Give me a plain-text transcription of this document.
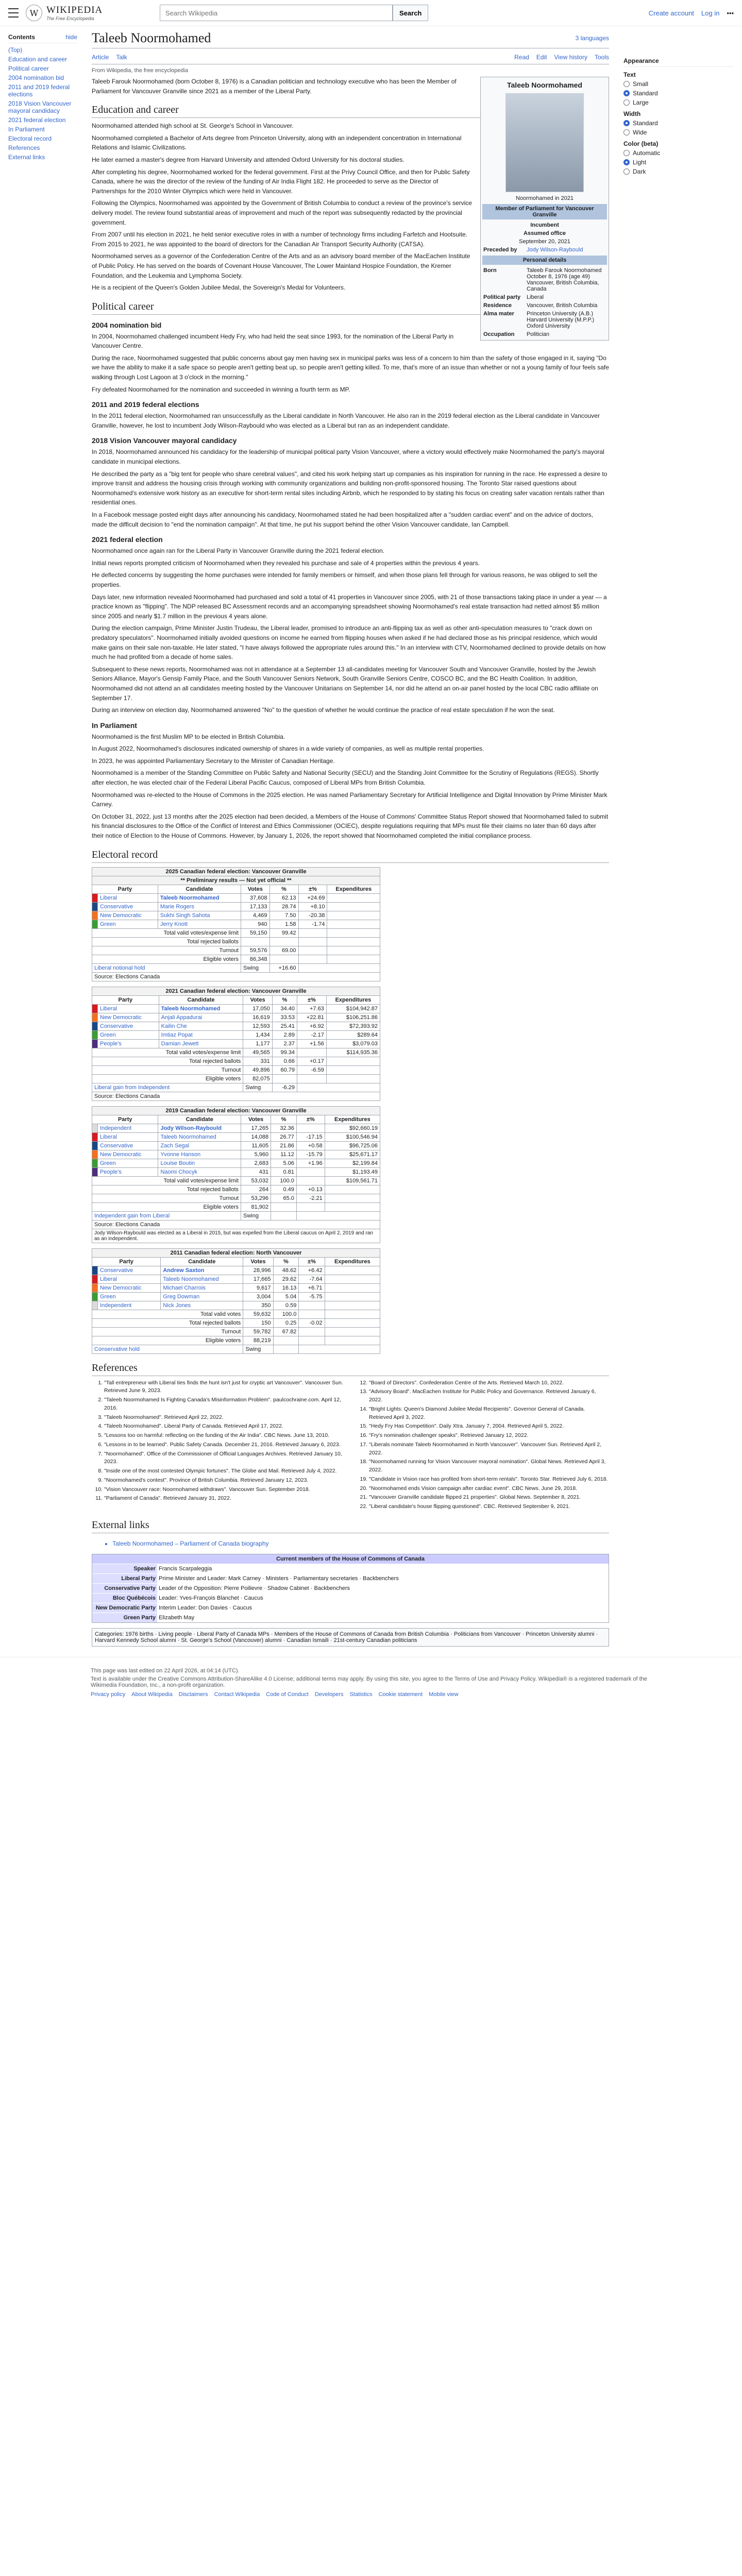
W WIKIPEDIA
The Free Encyclopedia
Search Wikipedia
Search	Create account Log in •••
Contents	hide
(Top)
Education and career
Political career
2004 nomination bid
2011 and 2019 federal elections
2018 Vision Vancouver mayoral candidacy
2021 federal election
In Parliament
Electoral record
References
External links
Taleeb Noormohamed	3 languages
Article Talk	Read Edit View history Tools
From Wikipedia, the free encyclopedia
Taleeb Noormohamed
Noormohamed in 2021
Member of Parliament for Vancouver Granville
Incumbent
Assumed office
September 20, 2021
Preceded by	Jody Wilson-Raybould
Personal details
Born	Taleeb Farouk Noormohamed October 8, 1976 (age 49) Vancouver, British Columbia, Canada
Political party	Liberal
Residence	Vancouver, British Columbia
Alma mater	Princeton University (A.B.) Harvard University (M.P.P.) Oxford University
Occupation	Politician

Taleeb Farouk Noormohamed (born October 8, 1976) is a Canadian politician and technology executive who has been the Member of Parliament for Vancouver Granville since 2021 as a member of the Liberal Party.

Education and career

Noormohamed attended high school at St. George's School in Vancouver.

Noormohamed completed a Bachelor of Arts degree from Princeton University, along with an independent concentration in International Relations and Islamic Civilizations.

He later earned a master's degree from Harvard University and attended Oxford University for his doctoral studies.

After completing his degree, Noormohamed worked for the federal government. First at the Privy Council Office, and then for Public Safety Canada, where he was the director of the review of the funding of Air India Flight 182. He proceeded to serve as the Director of Partnerships for the 2010 Winter Olympics which were held in Vancouver.

Following the Olympics, Noormohamed was appointed by the Government of British Columbia to conduct a review of the province's service delivery model. The review found substantial areas of improvement and much of the report was subsequently redacted by the provincial government.

From 2007 until his election in 2021, he held senior executive roles in with a number of technology firms including Farfetch and Hootsuite. From 2015 to 2021, he was appointed to the board of directors for the Canadian Air Transport Security Authority (CATSA).

Noormohamed serves as a governor of the Confederation Centre of the Arts and as an advisory board member of the MacEachen Institute of Public Policy. He has served on the boards of Covenant House Vancouver, The Lower Mainland Hospice Foundation, the Kremer Foundation, and the Leukemia and Lymphoma Society.

He is a recipient of the Queen's Golden Jubilee Medal, the Sovereign's Medal for Volunteers.

Political career
2004 nomination bid

In 2004, Noormohamed challenged incumbent Hedy Fry, who had held the seat since 1993, for the nomination of the Liberal Party in Vancouver Centre.

During the race, Noormohamed suggested that public concerns about gay men having sex in municipal parks was less of a concern to him than the safety of those engaged in it, saying "Do we have the ability to make it a safe space so people aren't getting beat up, so people aren't getting killed. To me, that's more of an issue than whether or not a young family of four feels safe walking through Lost Lagoon at 3 o'clock in the morning."

Fry defeated Noormohamed for the nomination and succeeded in winning a fourth term as MP.

2011 and 2019 federal elections

In the 2011 federal election, Noormohamed ran unsuccessfully as the Liberal candidate in North Vancouver. He also ran in the 2019 federal election as the Liberal candidate in Vancouver Granville, however, he lost to incumbent Jody Wilson-Raybould who was elected as a Liberal but ran as an independent candidate.

2018 Vision Vancouver mayoral candidacy

In 2018, Noormohamed announced his candidacy for the leadership of municipal political party Vision Vancouver, where a victory would effectively make Noormohamed the party's mayoral candidate in municipal elections.

He described the party as a "big tent for people who share cerebral values", and cited his work helping start up companies as his inspiration for running in the race. He expressed a desire to improve transit and address the housing crisis through working with community organizations and building non-profit-sponsored housing. The Toronto Star raised questions about Noormohamed's extensive work history as an executive for short-term rental sites including Airbnb, which he responded to by stating his focus on creating safer vacation rentals rather than residential ones.

In a Facebook message posted eight days after announcing his candidacy, Noormohamed stated he had been hospitalized after a "sudden cardiac event" and on the advice of doctors, made the difficult decision to "end the nomination campaign". At that time, he put his support behind the other Vision Vancouver candidate, Ian Campbell.

2021 federal election

Noormohamed once again ran for the Liberal Party in Vancouver Granville during the 2021 federal election.

Initial news reports prompted criticism of Noormohamed when they revealed his purchase and sale of 4 properties within the previous 4 years.

He deflected concerns by suggesting the home purchases were intended for family members or himself, and when those plans fell through for various reasons, he was obliged to sell the properties.

Days later, new information revealed Noormohamed had purchased and sold a total of 41 properties in Vancouver since 2005, with 21 of those transactions taking place in under a year — a practice known as "flipping". The NDP released BC Assessment records and an accompanying spreadsheet showing Noormohamed's real estate transaction had netted almost $5 million since 2005 and nearly $1.7 million in the previous 4 years alone.

During the election campaign, Prime Minister Justin Trudeau, the Liberal leader, promised to introduce an anti-flipping tax as well as other anti-speculation measures to "crack down on predatory speculators". Noormohamed initially avoided questions on income he earned from flipping houses when asked if he had declared those as his principal residence, which would make gains on their sale non-taxable. He later stated, "I have always followed the appropriate rules around this." In an interview with CTV, Noormohamed declined to provide details on how much he had profited from a decade of home sales.

Subsequent to these news reports, Noormohamed was not in attendance at a September 13 all-candidates meeting for Vancouver South and Vancouver Granville, hosted by the Jewish Seniors Alliance, Mayor's Gensip Family Place, and the South Vancouver Seniors Network, South Granville Seniors Centre, COSCO BC, and the BC Health Coalition. In addition, Noormohamed did not attend an all candidates meeting hosted by the Vancouver Unitarians on September 14, nor did he attend an on-air panel hosted by the local CBC radio affiliate on September 17.

During an interview on election day, Noormohamed answered "No" to the question of whether he would continue the practice of real estate speculation if he won the seat.

In Parliament

Noormohamed is the first Muslim MP to be elected in British Columbia.

In August 2022, Noormohamed's disclosures indicated ownership of shares in a wide variety of companies, as well as multiple rental properties.

In 2023, he was appointed Parliamentary Secretary to the Minister of Canadian Heritage.

Noormohamed is a member of the Standing Committee on Public Safety and National Security (SECU) and the Standing Joint Committee for the Scrutiny of Regulations (REGS). Shortly after election, he was elected chair of the Federal Liberal Pacific Caucus, composed of Liberal MPs from British Columbia.

Noormohamed was re-elected to the House of Commons in the 2025 election. He was named Parliamentary Secretary for Artificial Intelligence and Digital Innovation by Prime Minister Mark Carney.

On October 31, 2022, just 13 months after the 2025 election had been decided, a Members of the House of Commons' Committee Status Report showed that Noormohamed failed to submit his financial disclosures to the Office of the Conflict of Interest and Ethics Commissioner (OCIEC), despite regulations requiring that MPs must file their claims no later than 60 days after their notice of Election to the House of Commons. However, by January 1, 2026, the report showed that Noormohamed completed the initial compliance process.

Electoral record
2025 Canadian federal election: Vancouver Granville						
** Preliminary results — Not yet official **						
Party		Candidate	Votes	%	±%	Expenditures
	Liberal	Taleeb Noormohamed	37,608	62.13	+24.69	
	Conservative	Marie Rogers	17,133	28.74	+8.10	
	New Democratic	Sukhi Singh Sahota	4,469	7.50	-20.38	
	Green	Jerry Knott	940	1.58	-1.74	
Total valid votes/expense limit			59,150	99.42		
Total rejected ballots						
Turnout			59,576	69.00		
Eligible voters			86,348			
Liberal notional hold			Swing	+16.60		
Source: Elections Canada						
2021 Canadian federal election: Vancouver Granville						
Party		Candidate	Votes	%	±%	Expenditures
	Liberal	Taleeb Noormohamed	17,050	34.40	+7.63	$104,942.87
	New Democratic	Anjali Appadurai	16,619	33.53	+22.81	$106,251.86
	Conservative	Kailin Che	12,593	25.41	+6.92	$72,393.92
	Green	Imtiaz Popat	1,434	2.89	-2.17	$289.64
	People's	Damian Jewett	1,177	2.37	+1.56	$3,079.03
Total valid votes/expense limit			49,565	99.34		$114,935.36
Total rejected ballots			331	0.66	+0.17	
Turnout			49,896	60.79	-6.59	
Eligible voters			82,075			
Liberal gain from Independent			Swing	-6.29		
Source: Elections Canada						
2019 Canadian federal election: Vancouver Granville						
Party		Candidate	Votes	%	±%	Expenditures
	Independent	Jody Wilson-Raybould	17,265	32.36		$92,660.19
	Liberal	Taleeb Noormohamed	14,088	26.77	-17.15	$100,546.94
	Conservative	Zach Segal	11,605	21.86	+0.58	$96,725.06
	New Democratic	Yvonne Hanson	5,960	11.12	-15.79	$25,671.17
	Green	Louise Boutin	2,683	5.06	+1.96	$2,199.84
	People's	Naomi Chocyk	431	0.81		$1,193.49
Total valid votes/expense limit			53,032	100.0		$109,561.71
Total rejected ballots			264	0.49	+0.13	
Turnout			53,296	65.0	-2.21	
Eligible voters			81,902			
Independent gain from Liberal			Swing			
Source: Elections Canada						
Jody Wilson-Raybould was elected as a Liberal in 2015, but was expelled from the Liberal caucus on April 2, 2019 and ran as an independent.						
2011 Canadian federal election: North Vancouver						
Party		Candidate	Votes	%	±%	Expenditures
	Conservative	Andrew Saxton	28,996	48.62	+6.42	
	Liberal	Taleeb Noormohamed	17,665	29.62	-7.64	
	New Democratic	Michael Charrois	9,617	16.13	+6.71	
	Green	Greg Dowman	3,004	5.04	-5.75	
	Independent	Nick Jones	350	0.59		
Total valid votes			59,632	100.0		
Total rejected ballots			150	0.25	-0.02	
Turnout			59,782	67.82		
Eligible voters			88,219			
Conservative hold			Swing			
References
1. "Tall entrepreneur with Liberal ties finds the hunt isn't just for cryptic art Vancouver". Vancouver Sun. Retrieved June 9, 2023.
2. "Taleeb Noormohamed Is Fighting Canada's Misinformation Problem". paulcochraine.com. April 12, 2016.
3. "Taleeb Noormohamed". Retrieved April 22, 2022.
4. "Taleeb Noormohamed". Liberal Party of Canada. Retrieved April 17, 2022.
5. "Lessons too on harmful: reflecting on the funding of the Air India". CBC News. June 13, 2010.
6. "Lessons in to be learned". Public Safety Canada. December 21, 2016. Retrieved January 6, 2023.
7. "Noormohamed". Office of the Commissioner of Official Languages Archives. Retrieved January 10, 2023.
8. "Inside one of the most contested Olympic fortunes". The Globe and Mail. Retrieved July 4, 2022.
9. "Noormohamed's contest". Province of British Columbia. Retrieved January 12, 2023.
10. "Vision Vancouver race: Noormohamed withdraws". Vancouver Sun. September 2018.
11. "Parliament of Canada". Retrieved January 31, 2022.
12. "Board of Directors". Confederation Centre of the Arts. Retrieved March 10, 2022.
13. "Advisory Board". MacEachen Institute for Public Policy and Governance. Retrieved January 6, 2022.
14. "Bright Lights: Queen's Diamond Jubilee Medal Recipients". Governor General of Canada. Retrieved April 3, 2022.
15. "Hedy Fry Has Competition". Daily Xtra. January 7, 2004. Retrieved April 5, 2022.
16. "Fry's nomination challenger speaks". Retrieved January 12, 2022.
17. "Liberals nominate Taleeb Noormohamed in North Vancouver". Vancouver Sun. Retrieved April 2, 2022.
18. "Noormohamed running for Vision Vancouver mayoral nomination". Global News. Retrieved April 3, 2022.
19. "Candidate in Vision race has profited from short-term rentals". Toronto Star. Retrieved July 6, 2018.
20. "Noormohamed ends Vision campaign after cardiac event". CBC News. June 29, 2018.
21. "Vancouver Granville candidate flipped 21 properties". Global News. September 8, 2021.
22. "Liberal candidate's house flipping questioned". CBC. Retrieved September 9, 2021.
External links
• Taleeb Noormohamed – Parliament of Canada biography
Current members of the House of Commons of Canada
Speaker Francis Scarpaleggia
Liberal Party Prime Minister and Leader: Mark Carney · Ministers · Parliamentary secretaries · Backbenchers
Conservative Party Leader of the Opposition: Pierre Poilievre · Shadow Cabinet · Backbenchers
Bloc Québécois Leader: Yves-François Blanchet · Caucus
New Democratic Party Interim Leader: Don Davies · Caucus
Green Party Elizabeth May
Categories: 1976 births · Living people · Liberal Party of Canada MPs · Members of the House of Commons of Canada from British Columbia · Politicians from Vancouver · Princeton University alumni · Harvard Kennedy School alumni · St. George's School (Vancouver) alumni · Canadian Ismaili · 21st-century Canadian politicians
Appearance
Text
Small
Standard
Large
Width
Standard
Wide
Color (beta)
Automatic
Light
Dark
This page was last edited on 22 April 2026, at 04:14 (UTC).
Text is available under the Creative Commons Attribution-ShareAlike 4.0 License; additional terms may apply. By using this site, you agree to the Terms of Use and Privacy Policy. Wikipedia® is a registered trademark of the Wikimedia Foundation, Inc., a non-profit organization.
Privacy policy About Wikipedia Disclaimers Contact Wikipedia Code of Conduct Developers Statistics Cookie statement Mobile view
